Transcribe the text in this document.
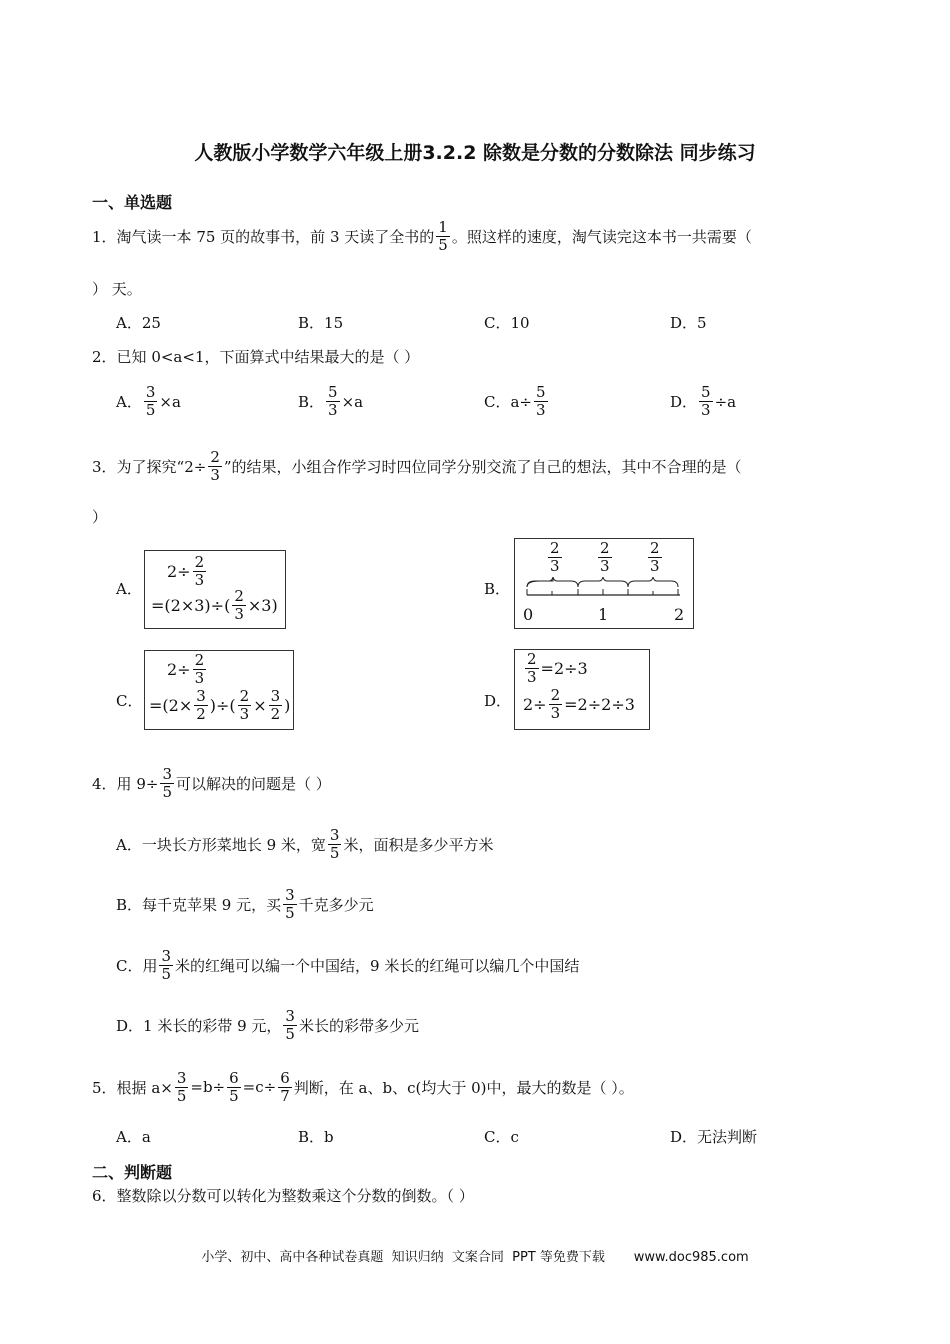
人教版小学数学六年级上册3.2.2 除数是分数的分数除法 同步练习
一、单选题
1． 淘气读一本 75 页的故事书，前 3 天读了全书的 $\frac{1}{5}$ 。照这样的速度，淘气读完这本书一共需要（
） 天。
A．25	B．15	C．10	D．5
2．已知 0<a<1，下面算式中结果最大的是（ ）
A． $\frac{3}{5} \times a$	B． $\frac{5}{3} \times a$	C． $a\div \frac{5}{3}$	D． $\frac{5}{3} \div a$
3． 为了探究“$2\div \frac{2}{3}$ ”的结果，小组合作学习时四位同学分别交流了自己的想法，其中不合理的是（
）
A．
$2\div \frac{2}{3}$
$=(2\times 3)\div( \frac{2}{3} \times 3)$
B．
$\frac{2}{3} \frac{2}{3} \frac{2}{3}$
0	1	2
C．
$2\div \frac{2}{3}$
$=(2\times \frac{3}{2}$ )÷( $\frac{2}{3} \times \frac{3}{2}$ )	D．
$\frac{2}{3} =2\div 3$
$2\div \frac{2}{3} =2\div 2\div 3$
4． 用 $9\div \frac{3}{5}$ 可以解决的问题是（ ）
A．一块长方形菜地长 9 米，宽 $\frac{3}{5}$ 米，面积是多少平方米
B．每千克苹果 9 元，买 $\frac{3}{5}$ 千克多少元
C．用 $\frac{3}{5}$ 米的红绳可以编一个中国结，9 米长的红绳可以编几个中国结
D．1 米长的彩带 9 元， $\frac{3}{5}$ 米长的彩带多少元
5． 根据 $a\times \frac{3}{5} =b\div \frac{6}{5} =c\div \frac{6}{7}$ 判断，在 a、b、c(均大于 0)中，最大的数是（ ）。
A．a	B．b	C．c	D．无法判断
二、判断题
6．整数除以分数可以转化为整数乘这个分数的倒数。（ ）
小学、初中、高中各种试卷真题  知识归纳  文案合同  PPT 等免费下载       www.doc985.com
